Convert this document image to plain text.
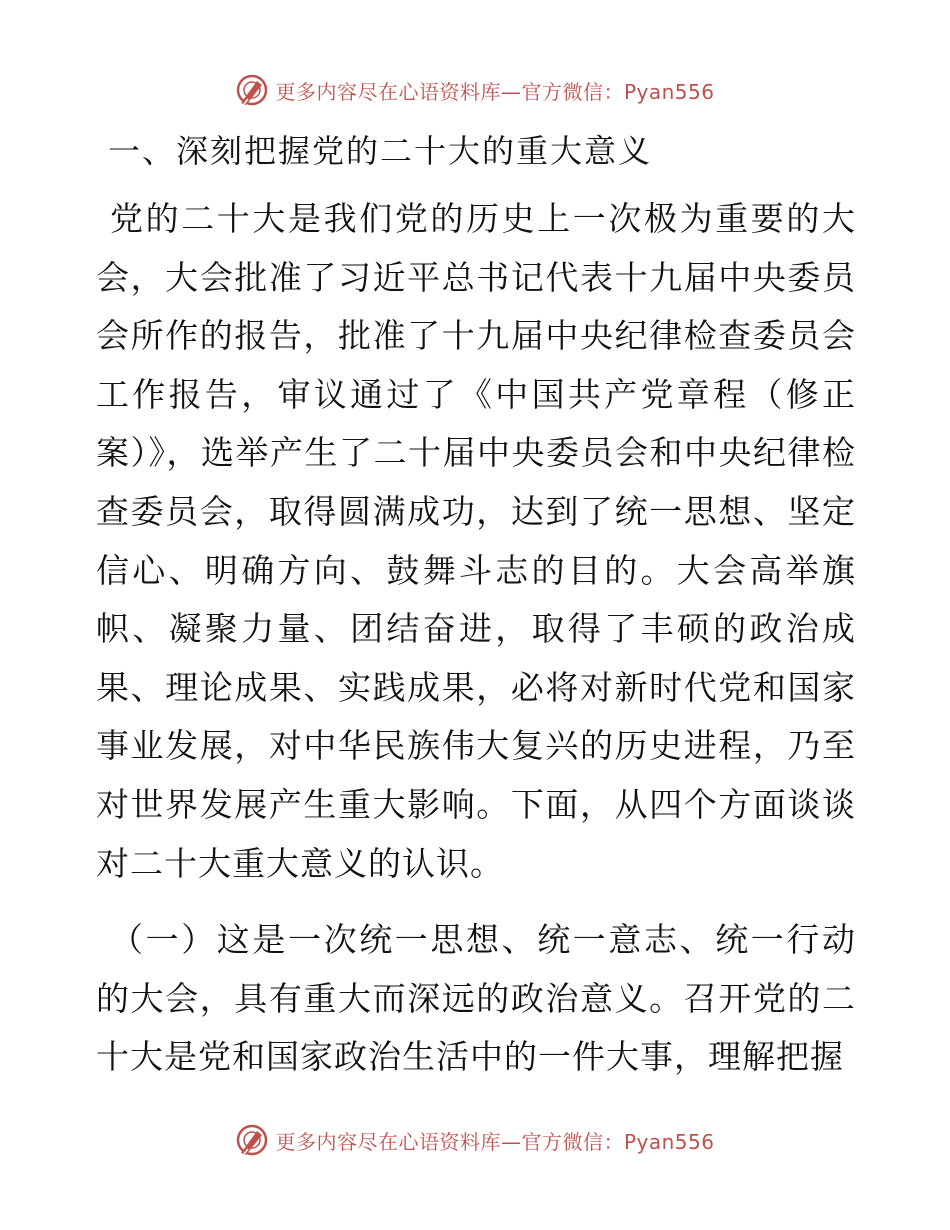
更多内容尽在心语资料库—官方微信：Pyan556
一、深刻把握党的二十大的重大意义

党的二十大是我们党的历史上一次极为重要的大会，大会批准了习近平总书记代表十九届中央委员会所作的报告，批准了十九届中央纪律检查委员会工作报告，审议通过了《中国共产党章程（修正案）》，选举产生了二十届中央委员会和中央纪律检查委员会，取得圆满成功，达到了统一思想、坚定信心、明确方向、鼓舞斗志的目的。大会高举旗帜、凝聚力量、团结奋进，取得了丰硕的政治成果、理论成果、实践成果，必将对新时代党和国家事业发展，对中华民族伟大复兴的历史进程，乃至对世界发展产生重大影响。下面，从四个方面谈谈对二十大重大意义的认识。

（一）这是一次统一思想、统一意志、统一行动的大会，具有重大而深远的政治意义。召开党的二十大是党和国家政治生活中的一件大事，理解把握

更多内容尽在心语资料库—官方微信：Pyan556
